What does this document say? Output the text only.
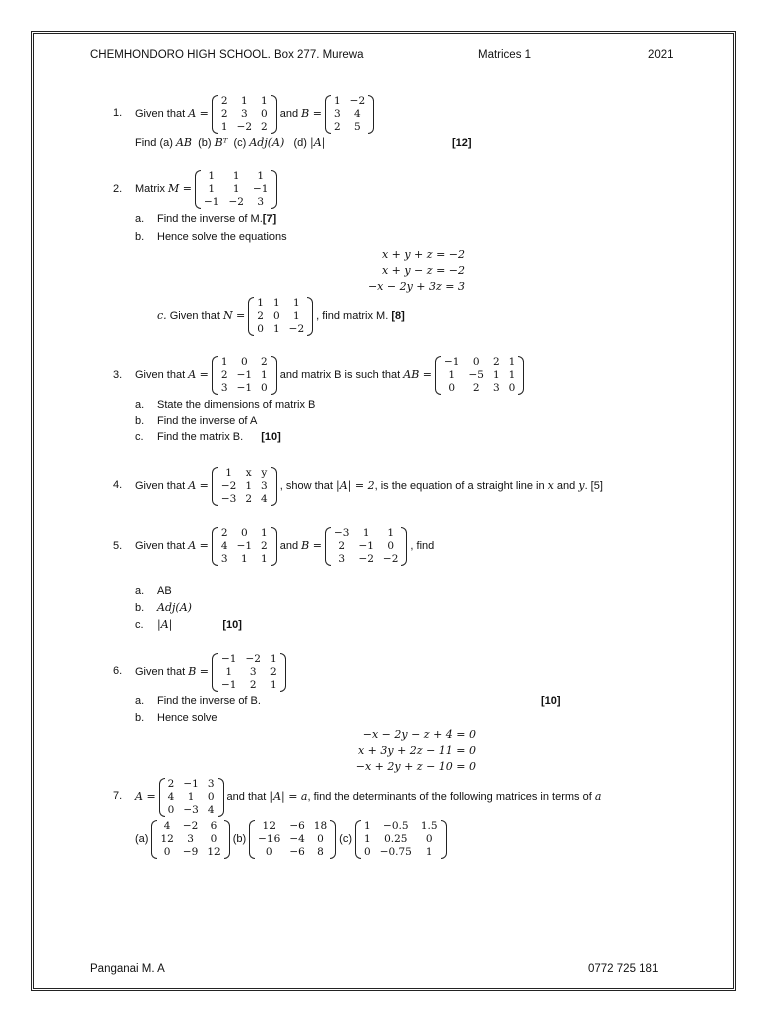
CHEMHONDORO HIGH SCHOOL. Box 277. Murewa	Matrices 1	2021
1. Given that
A =
2	1	1
2	3	0
1 −2 2
and
B =
1 −2
3	4
2	5
Find (a)
AB
(b)
Bᵀ
(c)
Adj(A)
(d)
|A|	[12]
2. Matrix
M =
1	1	1
1	1	−1
−1 −2	3
a.	Find the inverse of M. [7]
b.	Hence solve the equations
x + y + z = −2
x + y − z = −2
−x − 2y + 3z = 3
c.
Given that
N =
1 1	1
2 0	1
0 1 −2
, find matrix M.
[8]
3. Given that
A =
1	0	2
2 −1 1
3 −1 0
and matrix B is such that
AB =
−1	0	2 1
1	−5 1 1
0	2	3 0
a.	State the dimensions of matrix B
b.	Find the inverse of A
c.	Find the matrix B. [10]
4. Given that
A =
1	x y
−2 1 3
−3 2 4
, show that
|A| = 2 , is the equation of a straight line in
x
and
y . [5]
5. Given that
A =
2	0	1
4 −1 2
3	1	1
and
B =
−3	1	1
2	−1	0
3	−2 −2
, find
a.	AB
b.	Adj(A)
c.	|A|	[10]
6. Given that
B =
−1 −2 1
1	3	2
−1	2	1
a.	Find the inverse of B.	[10]
b.	Hence solve
−x − 2y − z + 4 = 0
x + 3y + 2z − 11 = 0
−x + 2y + z − 10 = 0
7. A =
2 −1 3
4	1	0
0 −3 4
and that
|A| = a , find the determinants of the following matrices in terms of
a
(a)
4	−2	6
12	3	0
0	−9 12
(b)
12	−6 18
−16 −4	0
0	−6	8
(c)
1	−0.5	1.5
1	0.25	0
0 −0.75	1
Panganai M. A	0772 725 181
